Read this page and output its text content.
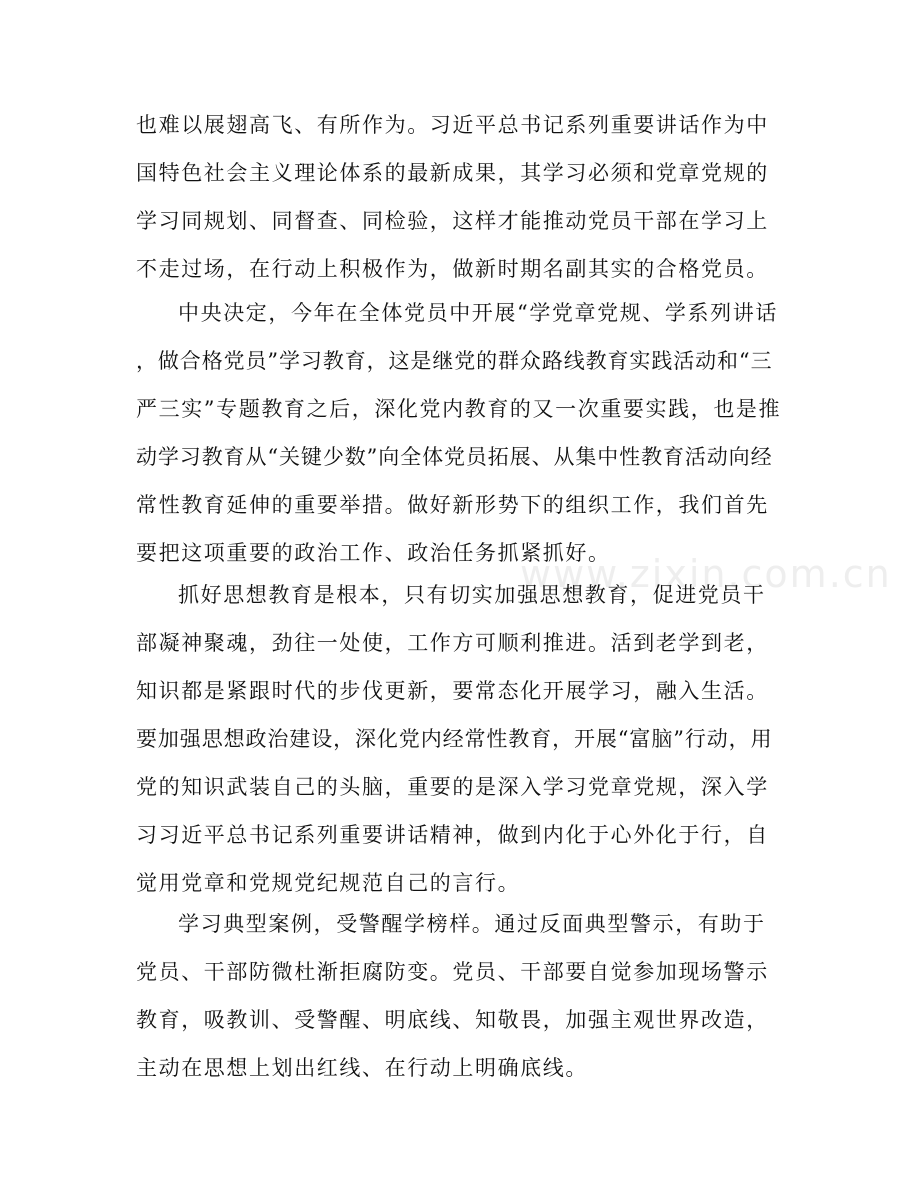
www.zixin.com.cn
也难以展翅高飞、有所作为。习近平总书记系列重要讲话作为中
国特色社会主义理论体系的最新成果，其学习必须和党章党规的
学习同规划、同督查、同检验，这样才能推动党员干部在学习上
不走过场，在行动上积极作为，做新时期名副其实的合格党员。
中央决定，今年在全体党员中开展“学党章党规、学系列讲话
，做合格党员”学习教育，这是继党的群众路线教育实践活动和“三
严三实”专题教育之后，深化党内教育的又一次重要实践，也是推
动学习教育从“关键少数”向全体党员拓展、从集中性教育活动向经
常性教育延伸的重要举措。做好新形势下的组织工作，我们首先
要把这项重要的政治工作、政治任务抓紧抓好。
抓好思想教育是根本，只有切实加强思想教育，促进党员干
部凝神聚魂，劲往一处使，工作方可顺利推进。活到老学到老，
知识都是紧跟时代的步伐更新，要常态化开展学习，融入生活。
要加强思想政治建设，深化党内经常性教育，开展“富脑”行动，用
党的知识武装自己的头脑，重要的是深入学习党章党规，深入学
习习近平总书记系列重要讲话精神，做到内化于心外化于行，自
觉用党章和党规党纪规范自己的言行。
学习典型案例，受警醒学榜样。通过反面典型警示，有助于
党员、干部防微杜渐拒腐防变。党员、干部要自觉参加现场警示
教育，吸教训、受警醒、明底线、知敬畏，加强主观世界改造，
主动在思想上划出红线、在行动上明确底线。
